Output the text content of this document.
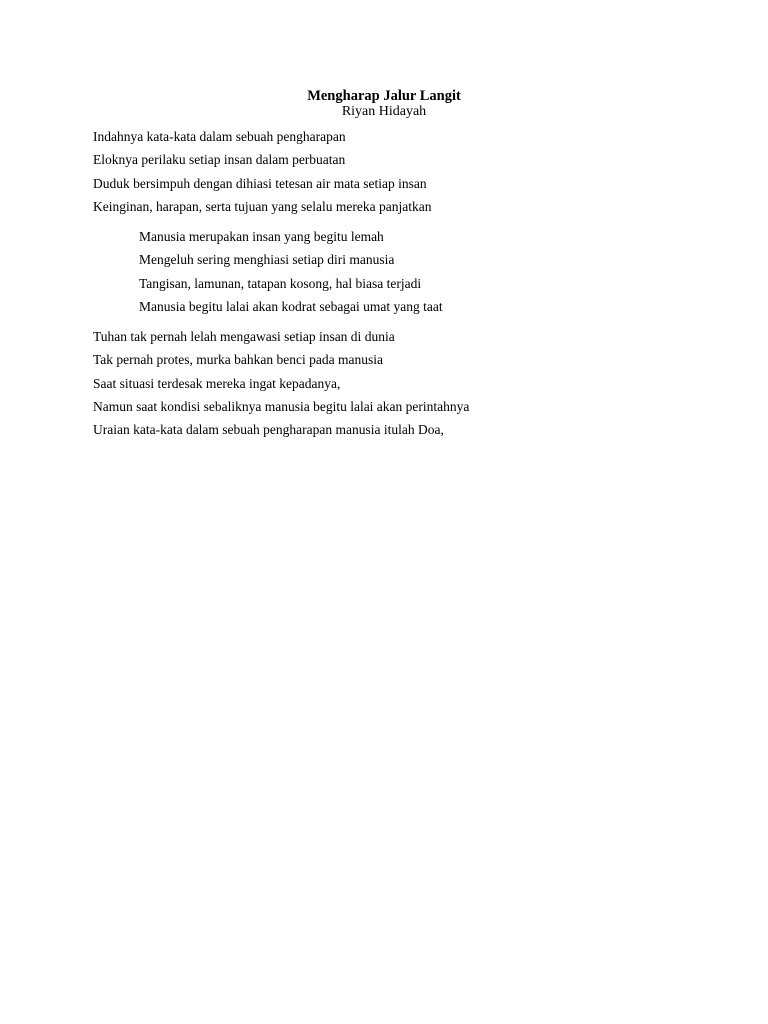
Mengharap Jalur Langit
Riyan Hidayah
Indahnya kata-kata dalam sebuah pengharapan
Eloknya perilaku setiap insan dalam perbuatan
Duduk bersimpuh dengan dihiasi tetesan air mata setiap insan
Keinginan, harapan, serta tujuan yang selalu mereka panjatkan
Manusia merupakan insan yang begitu lemah
Mengeluh sering menghiasi setiap diri manusia
Tangisan, lamunan, tatapan kosong, hal biasa terjadi
Manusia begitu lalai akan kodrat sebagai umat yang taat
Tuhan tak pernah lelah mengawasi setiap insan di dunia
Tak pernah protes, murka bahkan benci pada manusia
Saat situasi terdesak mereka ingat kepadanya,
Namun saat kondisi sebaliknya manusia begitu lalai akan perintahnya
Uraian kata-kata dalam sebuah pengharapan manusia itulah Doa,
